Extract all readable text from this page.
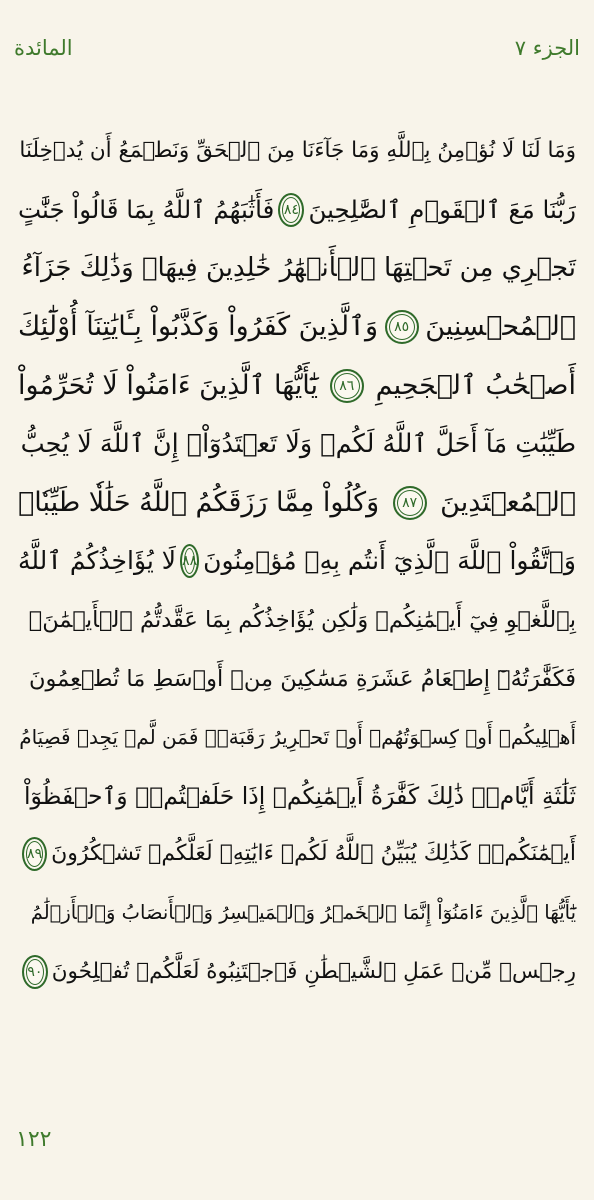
المائدة	الجزء ٧
وَمَا لَنَا لَا نُؤۡمِنُ بِٱللَّهِ وَمَا جَآءَنَا مِنَ ٱلۡحَقِّ وَنَطۡمَعُ أَن يُدۡخِلَنَا
رَبُّنَا مَعَ ٱلۡقَوۡمِ ٱلصَّٰلِحِينَ
٨٤
فَأَثَٰبَهُمُ ٱللَّهُ بِمَا قَالُواْ جَنَّٰتٍ
تَجۡرِي مِن تَحۡتِهَا ٱلۡأَنۡهَٰرُ خَٰلِدِينَ فِيهَاۚ وَذَٰلِكَ جَزَآءُ
ٱلۡمُحۡسِنِينَ
٨٥
وَٱلَّذِينَ كَفَرُواْ وَكَذَّبُواْ بِـَٔايَٰتِنَآ أُوْلَٰٓئِكَ
أَصۡحَٰبُ ٱلۡجَحِيمِ
٨٦
يَٰٓأَيُّهَا ٱلَّذِينَ ءَامَنُواْ لَا تُحَرِّمُواْ
طَيِّبَٰتِ مَآ أَحَلَّ ٱللَّهُ لَكُمۡ وَلَا تَعۡتَدُوٓاْۚ إِنَّ ٱللَّهَ لَا يُحِبُّ
ٱلۡمُعۡتَدِينَ
٨٧
وَكُلُواْ مِمَّا رَزَقَكُمُ ٱللَّهُ حَلَٰلٗا طَيِّبٗاۚ
وَٱتَّقُواْ ٱللَّهَ ٱلَّذِيٓ أَنتُم بِهِۦ مُؤۡمِنُونَ
٨٨
لَا يُؤَاخِذُكُمُ ٱللَّهُ
بِٱللَّغۡوِ فِيٓ أَيۡمَٰنِكُمۡ وَلَٰكِن يُؤَاخِذُكُم بِمَا عَقَّدتُّمُ ٱلۡأَيۡمَٰنَۖ
فَكَفَّٰرَتُهُۥٓ إِطۡعَامُ عَشَرَةِ مَسَٰكِينَ مِنۡ أَوۡسَطِ مَا تُطۡعِمُونَ
أَهۡلِيكُمۡ أَوۡ كِسۡوَتُهُمۡ أَوۡ تَحۡرِيرُ رَقَبَةٖۖ فَمَن لَّمۡ يَجِدۡ فَصِيَامُ
ثَلَٰثَةِ أَيَّامٖۚ ذَٰلِكَ كَفَّٰرَةُ أَيۡمَٰنِكُمۡ إِذَا حَلَفۡتُمۡۚ وَٱحۡفَظُوٓاْ
أَيۡمَٰنَكُمۡۚ كَذَٰلِكَ يُبَيِّنُ ٱللَّهُ لَكُمۡ ءَايَٰتِهِۦ لَعَلَّكُمۡ تَشۡكُرُونَ
٨٩
يَٰٓأَيُّهَا ٱلَّذِينَ ءَامَنُوٓاْ إِنَّمَا ٱلۡخَمۡرُ وَٱلۡمَيۡسِرُ وَٱلۡأَنصَابُ وَٱلۡأَزۡلَٰمُ
رِجۡسٞ مِّنۡ عَمَلِ ٱلشَّيۡطَٰنِ فَٱجۡتَنِبُوهُ لَعَلَّكُمۡ تُفۡلِحُونَ
٩٠
١٢٢
